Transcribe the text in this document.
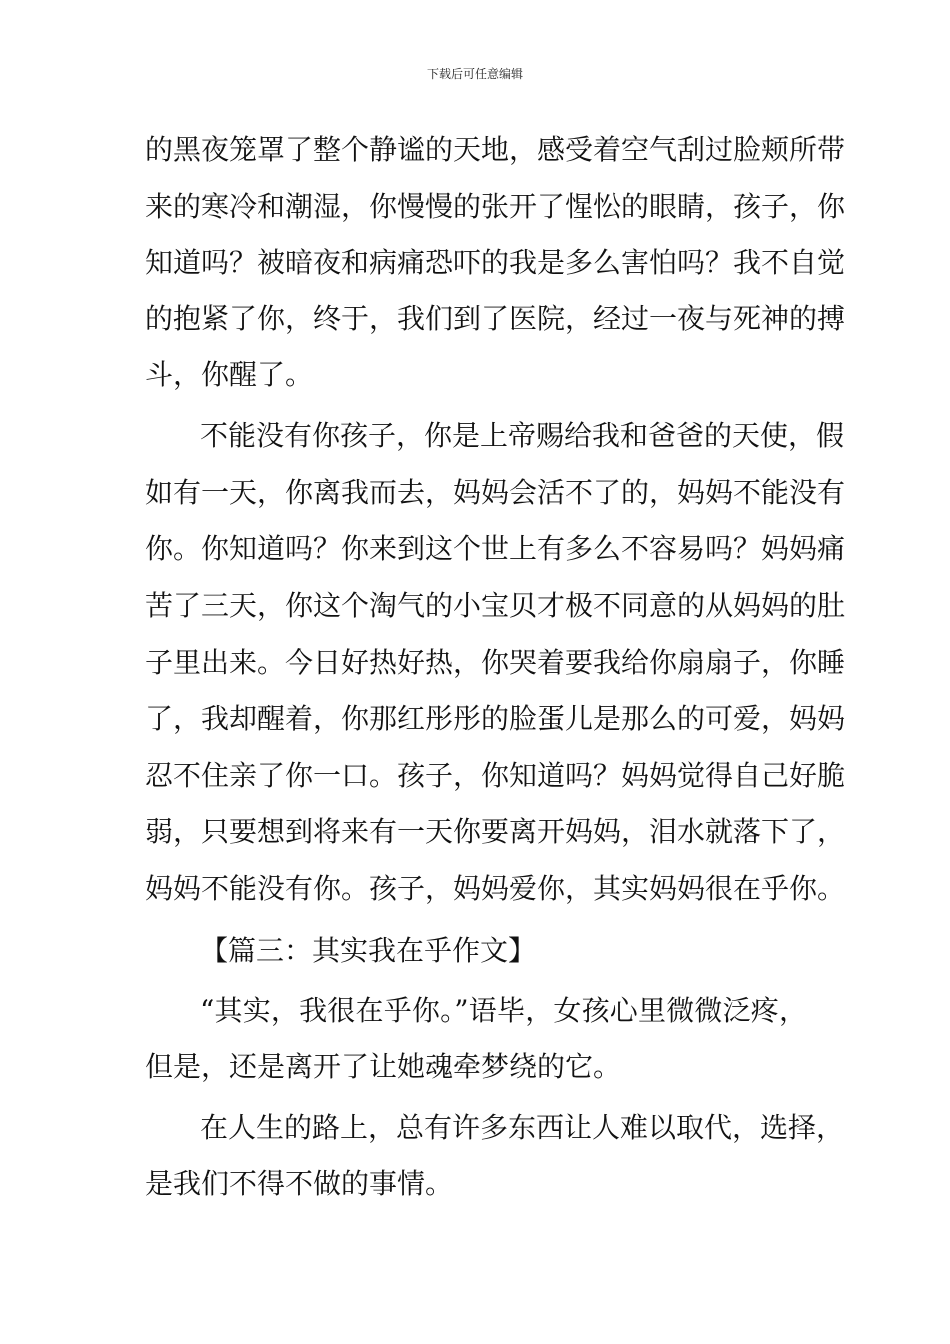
下载后可任意编辑
的黑夜笼罩了整个静谧的天地，感受着空气刮过脸颊所带
来的寒冷和潮湿，你慢慢的张开了惺忪的眼睛，孩子，你
知道吗？被暗夜和病痛恐吓的我是多么害怕吗？我不自觉
的抱紧了你，终于，我们到了医院，经过一夜与死神的搏
斗，你醒了。
不能没有你孩子，你是上帝赐给我和爸爸的天使，假
如有一天，你离我而去，妈妈会活不了的，妈妈不能没有
你。你知道吗？你来到这个世上有多么不容易吗？妈妈痛
苦了三天，你这个淘气的小宝贝才极不同意的从妈妈的肚
子里出来。今日好热好热，你哭着要我给你扇扇子，你睡
了，我却醒着，你那红彤彤的脸蛋儿是那么的可爱，妈妈
忍不住亲了你一口。孩子，你知道吗？妈妈觉得自己好脆
弱，只要想到将来有一天你要离开妈妈，泪水就落下了，
妈妈不能没有你。孩子，妈妈爱你，其实妈妈很在乎你。
【篇三：其实我在乎作文】
“其实，我很在乎你。”语毕，女孩心里微微泛疼，
但是，还是离开了让她魂牵梦绕的它。
在人生的路上，总有许多东西让人难以取代，选择，
是我们不得不做的事情。
